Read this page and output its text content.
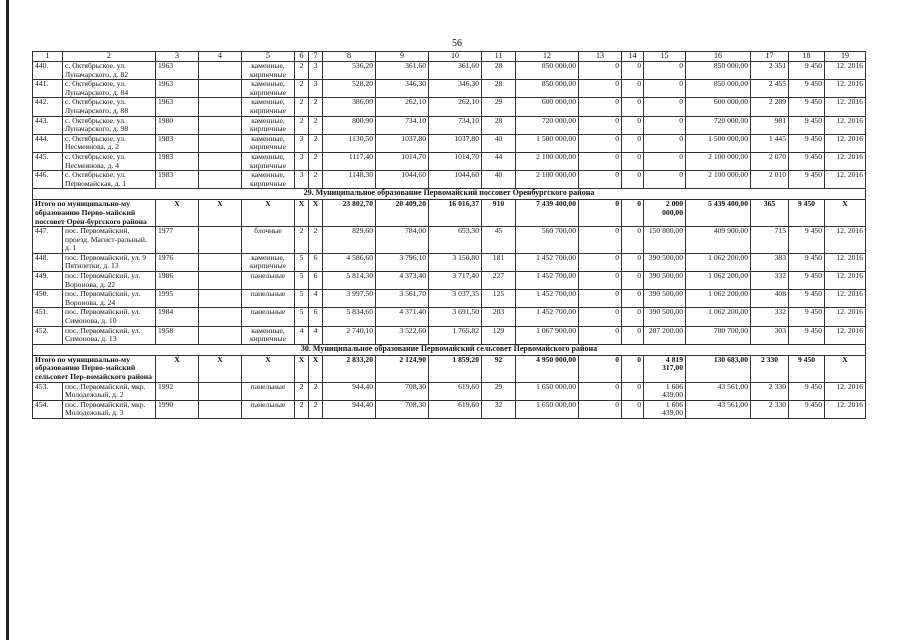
56
1	2	3	4	5	6	7	8	9	10	11	12	13	14	15	16	17	18	19
440.	с. Октябрьское, ул. Луначарского, д. 82	1963		каменные, кирпичные	2	3	536,20	361,60	361,60	28	850 000,00	0	0	0	850 000,00	2 351	9 450	12. 2016
441.	с. Октябрьское, ул. Луначарского, д. 84	1963		каменные, кирпичные	2	3	528,20	346,30	346,30	28	850 000,00	0	0	0	850 000,00	2 455	9 450	12. 2016
442.	с. Октябрьское, ул. Луначарского, д. 88	1963		каменные, кирпичные	2	2	386,00	262,10	262,10	29	600 000,00	0	0	0	600 000,00	2 289	9 450	12. 2016
443.	с. Октябрьское, ул. Луначарского, д. 98	1980		каменные, кирпичные	2	2	800,90	734,10	734,10	28	720 000,00	0	0	0	720 000,00	981	9 450	12. 2016
444.	с. Октябрьское, ул. Несмеянова, д. 2	1983		каменные, кирпичные	3	2	1130,50	1037,80	1037,80	40	1 500 000,00	0	0	0	1 500 000,00	1 445	9 450	12. 2016
445.	с. Октябрьское, ул. Несмеянова, д. 4	1983		каменные, кирпичные	3	2	1117,40	1014,70	1014,70	44	2 100 000,00	0	0	0	2 100 000,00	2 070	9 450	12. 2016
446.	с. Октябрьское, ул. Первомайская, д. 1	1983		каменные, кирпичные	3	2	1148,30	1044,60	1044,60	40	2 100 000,00	0	0	0	2 100 000,00	2 010	9 450	12. 2016
29. Муниципальное образование Первомайский поссовет Оренбургского района																		
Итого по муниципально-му образованию Перво-майский поссовет Орен-бургского района		X	X	X	X	X	23 802,70	20 409,20	16 016,37	910	7 439 400,00	0	0	2 000 000,00	5 439 400,00	365	9 450	X
447.	пос. Первомайский, проезд. Магист-ральный, д. 1	1977		блочные	2	2	829,60	784,00	653,30	45	560 700,00	0	0	150 800,00	409 900,00	715	9 450	12. 2016
448.	пос. Первомайский, ул. 9 Пятилетки, д. 13	1976		каменные, кирпичные	5	6	4 586,60	3 796,10	3 150,80	181	1 452 700,00	0	0	390 500,00	1 062 200,00	383	9 450	12. 2016
449.	пос. Первомайский, ул. Воронова, д. 22	1986		панельные	5	6	5 814,30	4 373,40	3 717,40	227	1 452 700,00	0	0	390 500,00	1 062 200,00	332	9 450	12. 2016
450.	пос. Первомайский, ул. Воронова, д. 24	1995		панельные	5	4	3 997,50	3 561,70	3 037,35	125	1 452 700,00	0	0	390 500,00	1 062 200,00	408	9 450	12. 2016
451.	пос. Первомайский, ул. Симонова, д. 10	1984		панельные	5	6	5 834,60	4 371,40	3 691,50	203	1 452 700,00	0	0	390 500,00	1 062 200,00	332	9 450	12. 2016
452.	пос. Первомайский, ул. Симонова, д. 13	1958		каменные, кирпичные	4	4	2 740,10	3 522,60	1 765,82	129	1 067 900,00	0	0	287 200,00	780 700,00	303	9 450	12. 2016
30. Муниципальное образование Первомайский сельсовет Первомайского района																		
Итого по муниципально-му образованию Перво-майский сельсовет Пер-вомайского района		X	X	X	X	X	2 833,20	2 124,90	1 859,20	92	4 950 000,00	0	0	4 819 317,00	130 683,00	2 330	9 450	X
453.	пос. Первомайский, мкр. Молодежный, д. 2	1992		панельные	2	2	944,40	708,30	619,60	29	1 650 000,00	0	0	1 606 439,00	43 561,00	2 330	9 450	12. 2016
454.	пос. Первомайский, мкр. Молодежный, д. 3	1990		панельные	2	2	944,40	708,30	619,60	32	1 650 000,00	0	0	1 606 439,00	43 561,00	2 330	9 450	12. 2016
